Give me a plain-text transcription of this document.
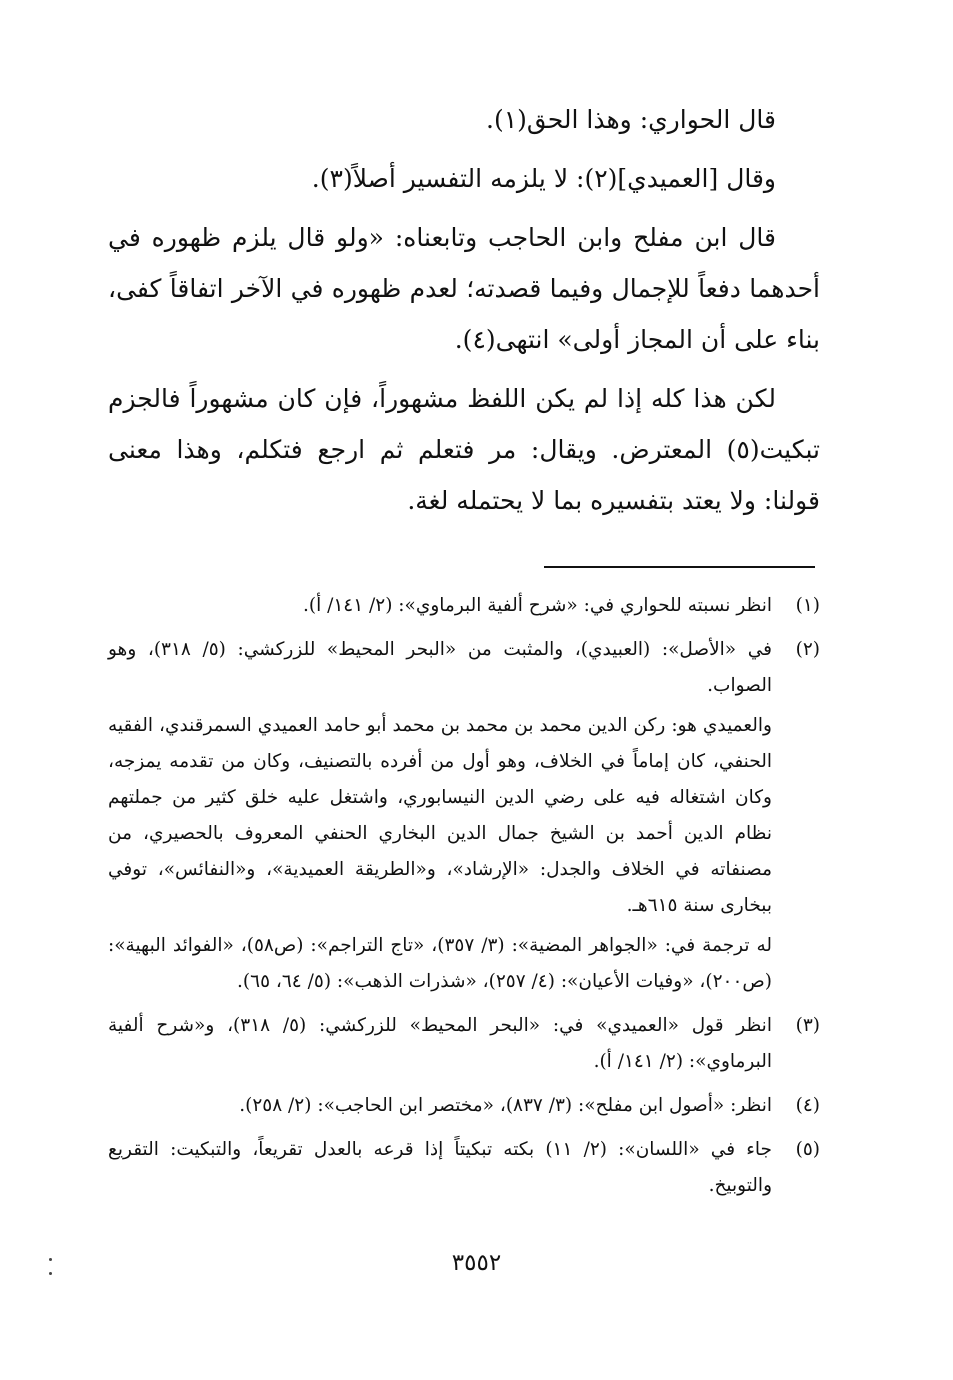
قال الحواري: وهذا الحق(١).

وقال [العميدي](٢): لا يلزمه التفسير أصلاً(٣).

قال ابن مفلح وابن الحاجب وتابعناه: «ولو قال يلزم ظهوره في أحدهما دفعاً للإجمال وفيما قصدته؛ لعدم ظهوره في الآخر اتفاقاً كفى، بناء على أن المجاز أولى» انتهى(٤).

لكن هذا كله إذا لم يكن اللفظ مشهوراً، فإن كان مشهوراً فالجزم تبكيت(٥) المعترض. ويقال: مر فتعلم ثم ارجع فتكلم، وهذا معنى قولنا: ولا يعتد بتفسيره بما لا يحتمله لغة.

(١)

انظر نسبته للحواري في: «شرح ألفية البرماوي»: (٢/ ١٤١/ أ).

(٢)

في «الأصل»: (العبيدي)، والمثبت من «البحر المحيط» للزركشي: (٥/ ٣١٨)، وهو الصواب.

والعميدي هو: ركن الدين محمد بن محمد بن محمد أبو حامد العميدي السمرقندي، الفقيه الحنفي، كان إماماً في الخلاف، وهو أول من أفرده بالتصنيف، وكان من تقدمه يمزجه، وكان اشتغاله فيه على رضي الدين النيسابوري، واشتغل عليه خلق كثير من جملتهم نظام الدين أحمد بن الشيخ جمال الدين البخاري الحنفي المعروف بالحصيري، من مصنفاته في الخلاف والجدل: «الإرشاد»، و«الطريقة العميدية»، و«النفائس»، توفي ببخارى سنة ٦١٥هـ.

له ترجمة في: «الجواهر المضية»: (٣/ ٣٥٧)، «تاج التراجم»: (ص٥٨)، «الفوائد البهية»: (ص٢٠٠)، «وفيات الأعيان»: (٤/ ٢٥٧)، «شذرات الذهب»: (٥/ ٦٤، ٦٥).

(٣)

انظر قول «العميدي» في: «البحر المحيط» للزركشي: (٥/ ٣١٨)، و«شرح ألفية البرماوي»: (٢/ ١٤١/ أ).

(٤)

انظر: «أصول ابن مفلح»: (٣/ ٨٣٧)، «مختصر ابن الحاجب»: (٢/ ٢٥٨).

(٥)

جاء في «اللسان»: (٢/ ١١) بكته تبكيتاً إذا قرعه بالعدل تقريعاً، والتبكيت: التقريع والتوبيخ.

٣٥٥٢
